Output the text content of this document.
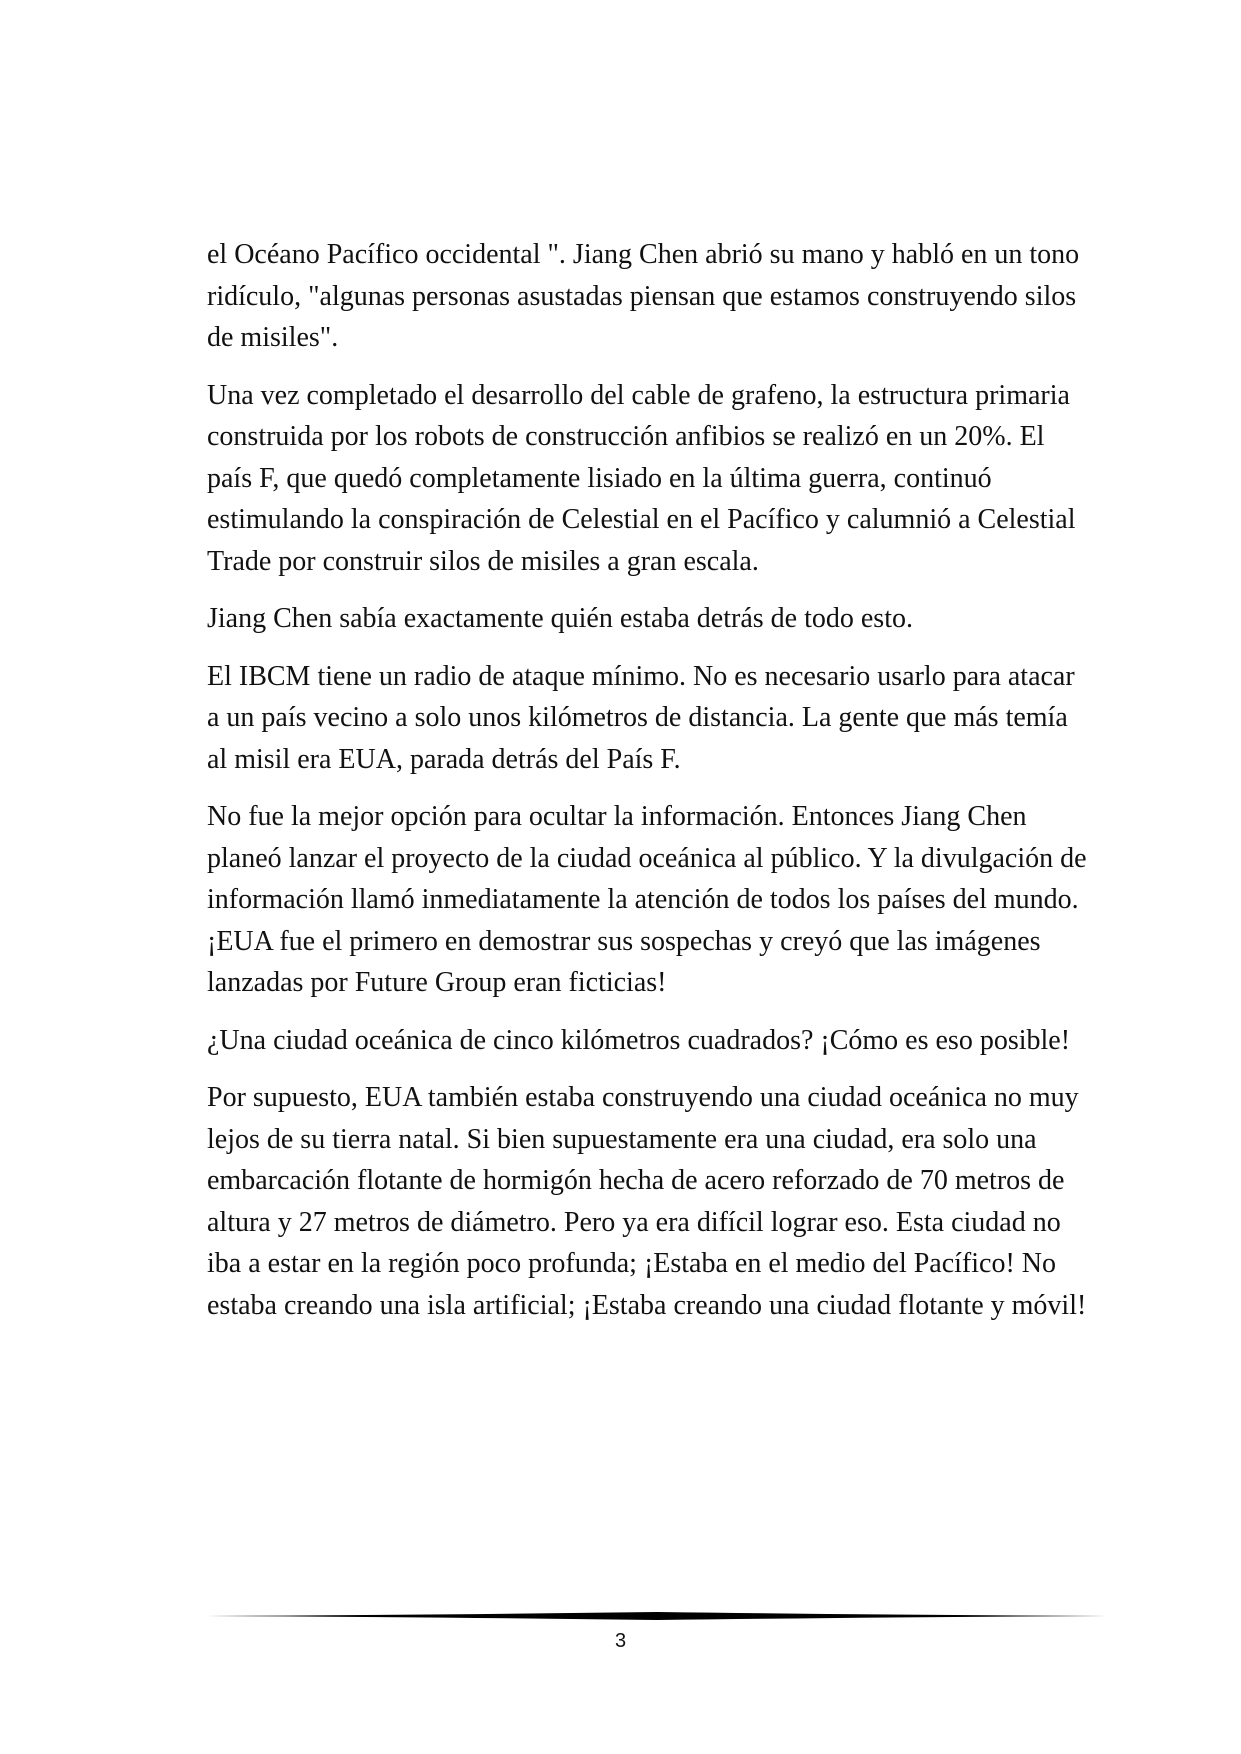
el Océano Pacífico occidental ". Jiang Chen abrió su mano y habló en un tono ridículo, "algunas personas asustadas piensan que estamos construyendo silos de misiles".

Una vez completado el desarrollo del cable de grafeno, la estructura primaria construida por los robots de construcción anfibios se realizó en un 20%. El país F, que quedó completamente lisiado en la última guerra, continuó estimulando la conspiración de Celestial en el Pacífico y calumnió a Celestial Trade por construir silos de misiles a gran escala.

Jiang Chen sabía exactamente quién estaba detrás de todo esto.

El IBCM tiene un radio de ataque mínimo. No es necesario usarlo para atacar a un país vecino a solo unos kilómetros de distancia. La gente que más temía al misil era EUA, parada detrás del País F.

No fue la mejor opción para ocultar la información. Entonces Jiang Chen planeó lanzar el proyecto de la ciudad oceánica al público. Y la divulgación de información llamó inmediatamente la atención de todos los países del mundo. ¡EUA fue el primero en demostrar sus sospechas y creyó que las imágenes lanzadas por Future Group eran ficticias!

¿Una ciudad oceánica de cinco kilómetros cuadrados? ¡Cómo es eso posible!

Por supuesto, EUA también estaba construyendo una ciudad oceánica no muy lejos de su tierra natal. Si bien supuestamente era una ciudad, era solo una embarcación flotante de hormigón hecha de acero reforzado de 70 metros de altura y 27 metros de diámetro. Pero ya era difícil lograr eso. Esta ciudad no iba a estar en la región poco profunda; ¡Estaba en el medio del Pacífico! No estaba creando una isla artificial; ¡Estaba creando una ciudad flotante y móvil!

3
